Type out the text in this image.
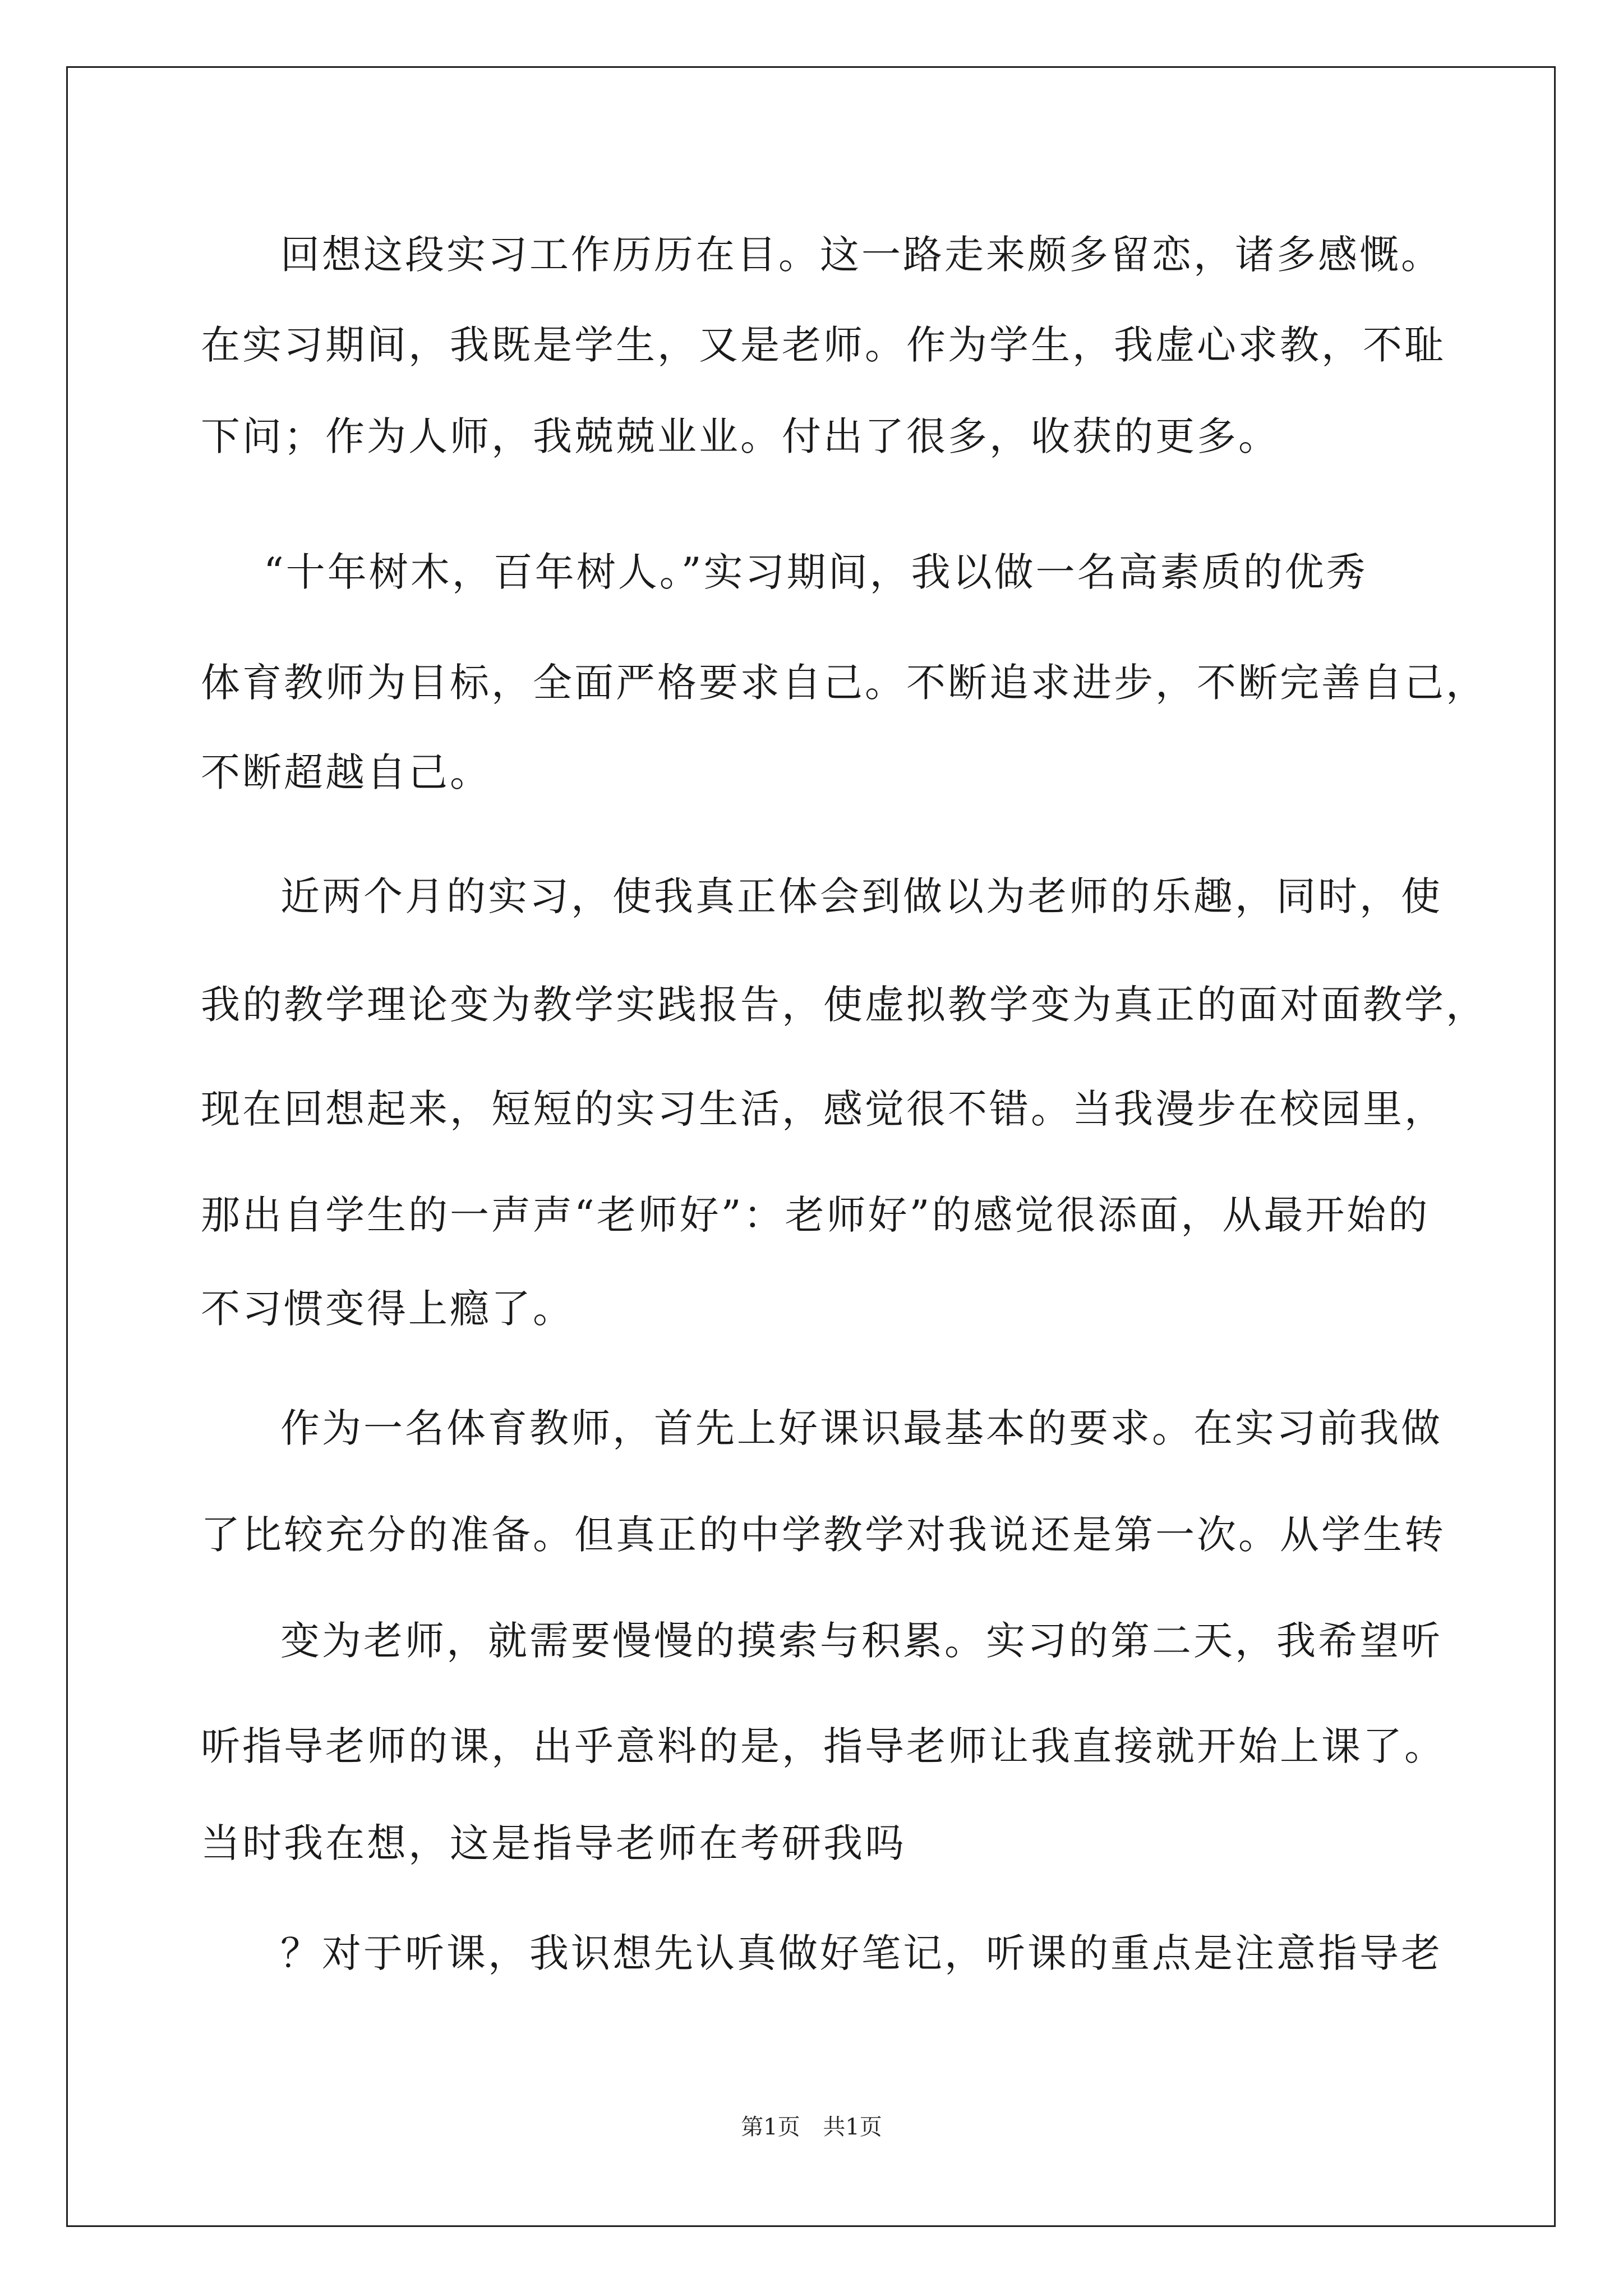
回想这段实习工作历历在目。这一路走来颇多留恋，诸多感慨。
在实习期间，我既是学生，又是老师。作为学生，我虚心求教，不耻
下问；作为人师，我兢兢业业。付出了很多，收获的更多。
“十年树木，百年树人。”实习期间，我以做一名高素质的优秀
体育教师为目标，全面严格要求自己。不断追求进步，不断完善自己，
不断超越自己。
近两个月的实习，使我真正体会到做以为老师的乐趣，同时，使
我的教学理论变为教学实践报告，使虚拟教学变为真正的面对面教学，
现在回想起来，短短的实习生活，感觉很不错。当我漫步在校园里，
那出自学生的一声声“老师好”：老师好”的感觉很添面，从最开始的
不习惯变得上瘾了。
作为一名体育教师，首先上好课识最基本的要求。在实习前我做
了比较充分的准备。但真正的中学教学对我说还是第一次。从学生转
变为老师，就需要慢慢的摸索与积累。实习的第二天，我希望听
听指导老师的课，出乎意料的是，指导老师让我直接就开始上课了。
当时我在想，这是指导老师在考研我吗
？对于听课，我识想先认真做好笔记，听课的重点是注意指导老
第1页 共1页
